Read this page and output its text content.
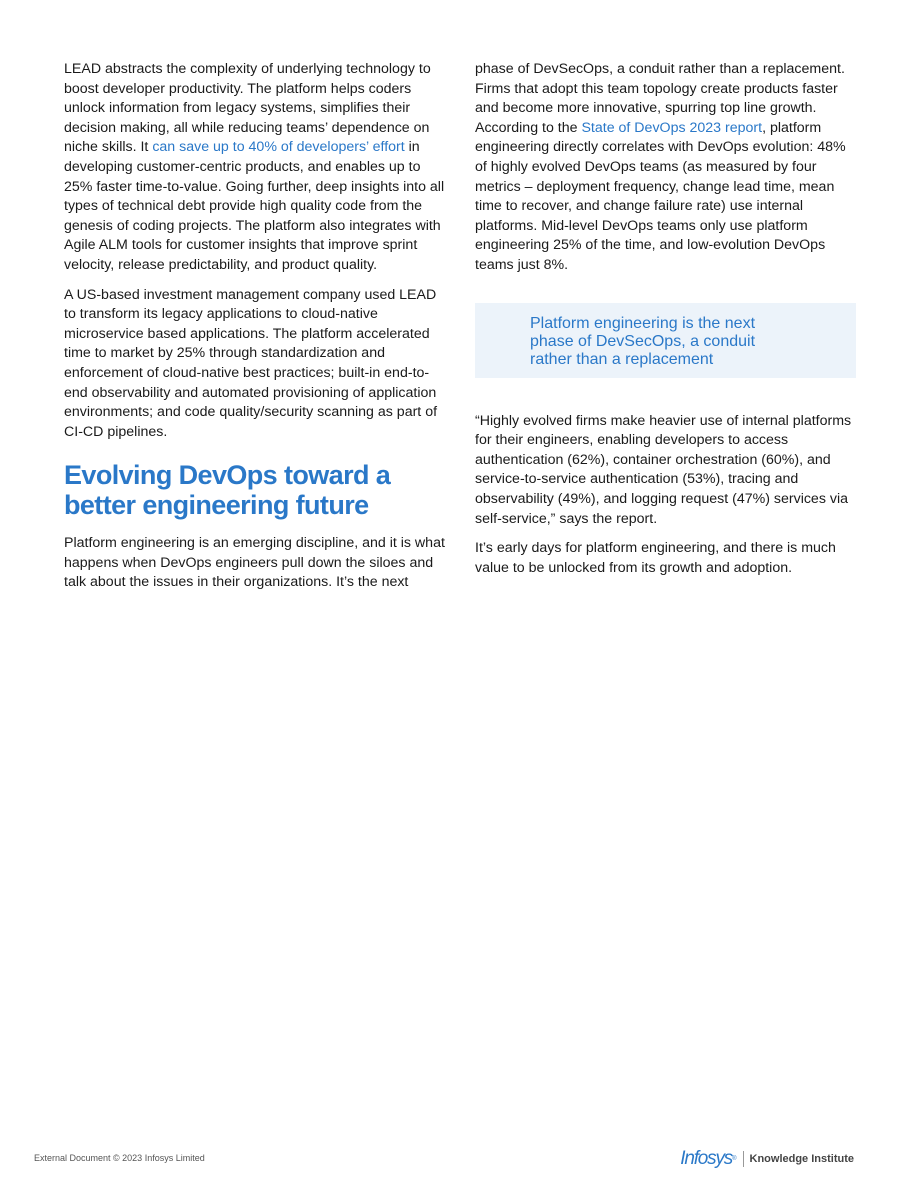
LEAD abstracts the complexity of underlying technology to boost developer productivity. The platform helps coders unlock information from legacy systems, simplifies their decision making, all while reducing teams’ dependence on niche skills. It can save up to 40% of developers’ effort in developing customer-centric products, and enables up to 25% faster time-to-value. Going further, deep insights into all types of technical debt provide high quality code from the genesis of coding projects. The platform also integrates with Agile ALM tools for customer insights that improve sprint velocity, release predictability, and product quality.

A US-based investment management company used LEAD to transform its legacy applications to cloud-native microservice based applications. The platform accelerated time to market by 25% through standardization and enforcement of cloud-native best practices; built-in end-to-end observability and automated provisioning of application environments; and code quality/security scanning as part of CI-CD pipelines.

Evolving DevOps toward a better engineering future

Platform engineering is an emerging discipline, and it is what happens when DevOps engineers pull down the siloes and talk about the issues in their organizations. It’s the next

phase of DevSecOps, a conduit rather than a replacement. Firms that adopt this team topology create products faster and become more innovative, spurring top line growth. According to the State of DevOps 2023 report, platform engineering directly correlates with DevOps evolution: 48% of highly evolved DevOps teams (as measured by four metrics – deployment frequency, change lead time, mean time to recover, and change failure rate) use internal platforms. Mid-level DevOps teams only use platform engineering 25% of the time, and low-evolution DevOps teams just 8%.

Platform engineering is the next phase of DevSecOps, a conduit rather than a replacement

“Highly evolved firms make heavier use of internal platforms for their engineers, enabling developers to access authentication (62%), container orchestration (60%), and service-to-service authentication (53%), tracing and observability (49%), and logging request (47%) services via self-service,” says the report.

It’s early days for platform engineering, and there is much value to be unlocked from its growth and adoption.

External Document © 2023 Infosys Limited	Infosys ® Knowledge Institute
